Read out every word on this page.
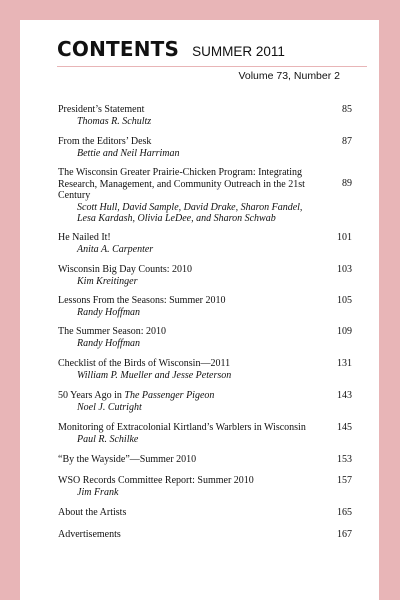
CONTENTS SUMMER 2011
Volume 73, Number 2
President’s Statement
Thomas R. Schultz
85
From the Editors’ Desk
Bettie and Neil Harriman
87
The Wisconsin Greater Prairie-Chicken Program: Integrating Research, Management, and Community Outreach in the 21st Century
Scott Hull, David Sample, David Drake, Sharon Fandel, Lesa Kardash, Olivia LeDee, and Sharon Schwab
89
He Nailed It!
Anita A. Carpenter
101
Wisconsin Big Day Counts: 2010
Kim Kreitinger
103
Lessons From the Seasons: Summer 2010
Randy Hoffman
105
The Summer Season: 2010
Randy Hoffman
109
Checklist of the Birds of Wisconsin—2011
William P. Mueller and Jesse Peterson
131
50 Years Ago in The Passenger Pigeon
Noel J. Cutright
143
Monitoring of Extracolonial Kirtland’s Warblers in Wisconsin
Paul R. Schilke
145
“By the Wayside”—Summer 2010	153
WSO Records Committee Report: Summer 2010
Jim Frank
157
About the Artists	165
Advertisements	167
